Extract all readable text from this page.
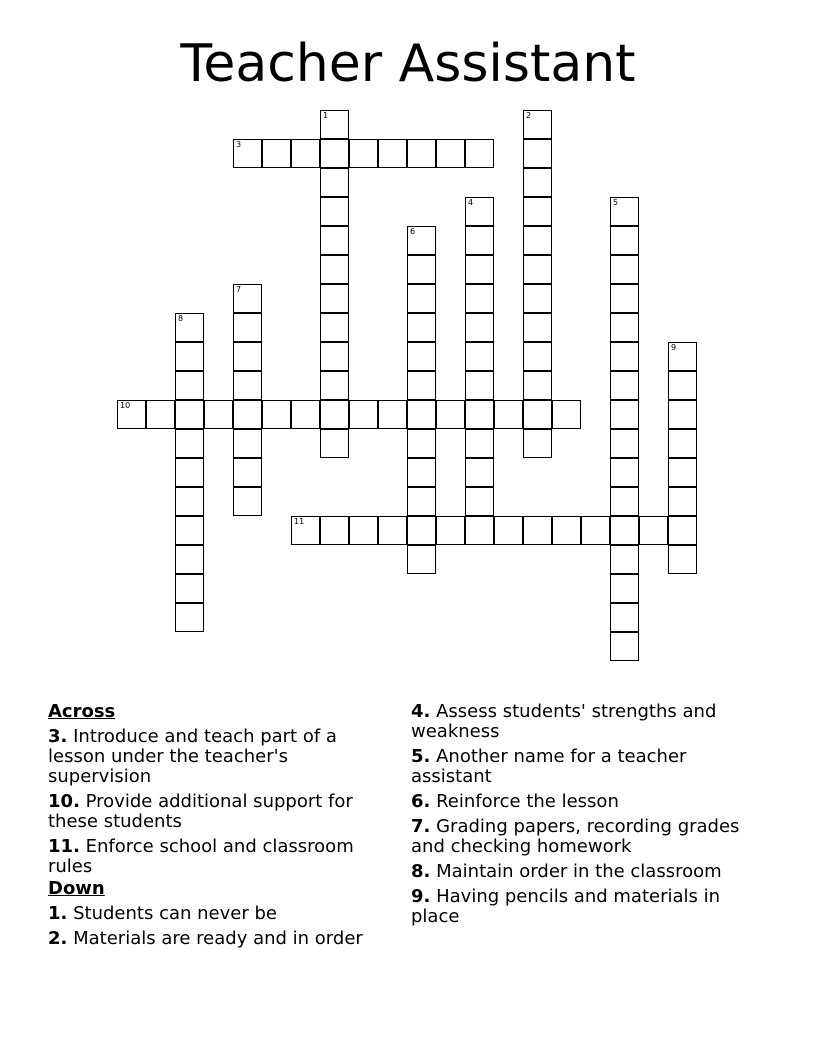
Teacher Assistant
1	2
3
4	5
6
7
8
9
10
11
Across
3. Introduce and teach part of a lesson under the teacher's supervision
10. Provide additional support for these students
11. Enforce school and classroom rules
Down
1. Students can never be
2. Materials are ready and in order
4. Assess students' strengths and weakness
5. Another name for a teacher assistant
6. Reinforce the lesson
7. Grading papers, recording grades and checking homework
8. Maintain order in the classroom
9. Having pencils and materials in place
